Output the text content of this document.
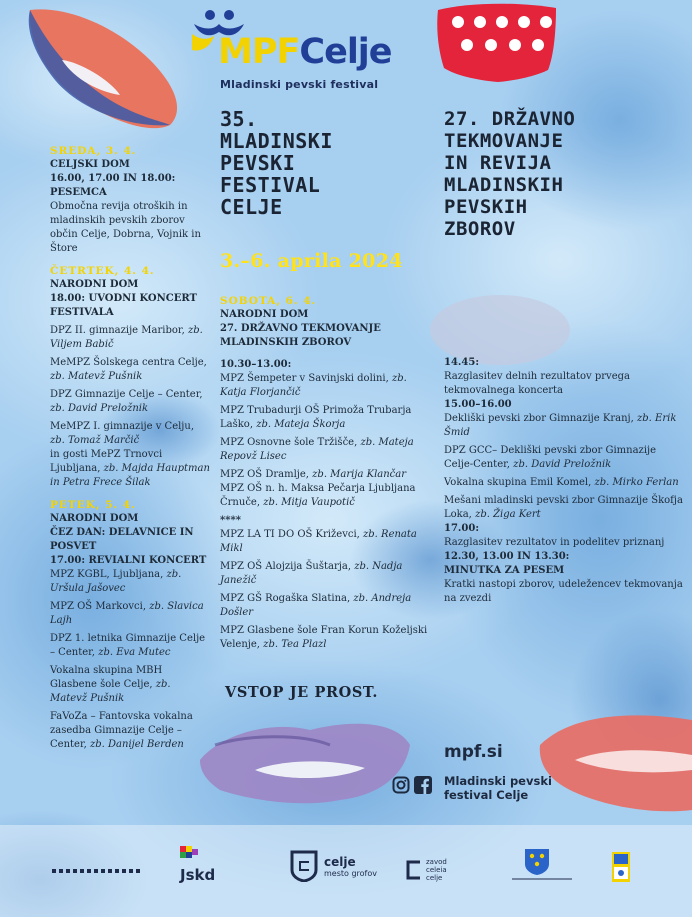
MPFCelje
Mladinski pevski festival
35.
MLADINSKI
PEVSKI
FESTIVAL
CELJE
27. DRŽAVNO
TEKMOVANJE
IN REVIJA
MLADINSKIH
PEVSKIH
ZBOROV
3.–6. aprila 2024

SREDA, 3. 4.

CELJSKI DOM

16.00, 17.00 IN 18.00:

PESEMCA

Območna revija otroških in mladinskih pevskih zborov občin Celje, Dobrna, Vojnik in Štore

ČETRTEK, 4. 4.

NARODNI DOM

18.00: UVODNI KONCERT FESTIVALA

DPZ II. gimnazije Maribor, zb. Viljem Babič

MeMPZ Šolskega centra Celje, zb. Matevž Pušnik

DPZ Gimnazije Celje – Center, zb. David Preložnik

MeMPZ I. gimnazije v Celju, zb. Tomaž Marčič

in gosti MePZ Trnovci Ljubljana, zb. Majda Hauptman in Petra Frece Šilak

PETEK, 5. 4.

NARODNI DOM

ČEZ DAN: DELAVNICE IN POSVET

17.00: REVIALNI KONCERT

MPZ KGBL, Ljubljana, zb. Uršula Jašovec

MPZ OŠ Markovci, zb. Slavica Lajh

DPZ 1. letnika Gimnazije Celje – Center, zb. Eva Mutec

Vokalna skupina MBH Glasbene šole Celje, zb. Matevž Pušnik

FaVoZa – Fantovska vokalna zasedba Gimnazije Celje – Center, zb. Danijel Berden

SOBOTA, 6. 4.

NARODNI DOM

27. DRŽAVNO TEKMOVANJE MLADINSKIH ZBOROV

10.30–13.00:

MPZ Šempeter v Savinjski dolini, zb. Katja Florjančič

MPZ Trubadurji OŠ Primoža Trubarja Laško, zb. Mateja Škorja

MPZ Osnovne šole Tržišče, zb. Mateja Repovž Lisec

MPZ OŠ Dramlje, zb. Marija Klančar

MPZ OŠ n. h. Maksa Pečarja Ljubljana Črnuče, zb. Mitja Vaupotič

****

MPZ LA TI DO OŠ Križevci, zb. Renata Mikl

MPZ OŠ Alojzija Šuštarja, zb. Nadja Janežič

MPZ GŠ Rogaška Slatina, zb. Andreja Došler

MPZ Glasbene šole Fran Korun Koželjski Velenje, zb. Tea Plazl

14.45:

Razglasitev delnih rezultatov prvega tekmovalnega koncerta

15.00–16.00

Dekliški pevski zbor Gimnazije Kranj, zb. Erik Šmid

DPZ GCC– Dekliški pevski zbor Gimnazije Celje-Center, zb. David Preložnik

Vokalna skupina Emil Komel, zb. Mirko Ferlan

Mešani mladinski pevski zbor Gimnazije Škofja Loka, zb. Žiga Kert

17.00:

Razglasitev rezultatov in podelitev priznanj

12.30, 13.00 IN 13.30:

MINUTKA ZA PESEM

Kratki nastopi zborov, udeležencev tekmovanja na zvezdi

VSTOP JE PROST.
mpf.si
Mladinski pevski
festival Celje
Jskd
celje
mesto grofov
zavod
celeia
celje
